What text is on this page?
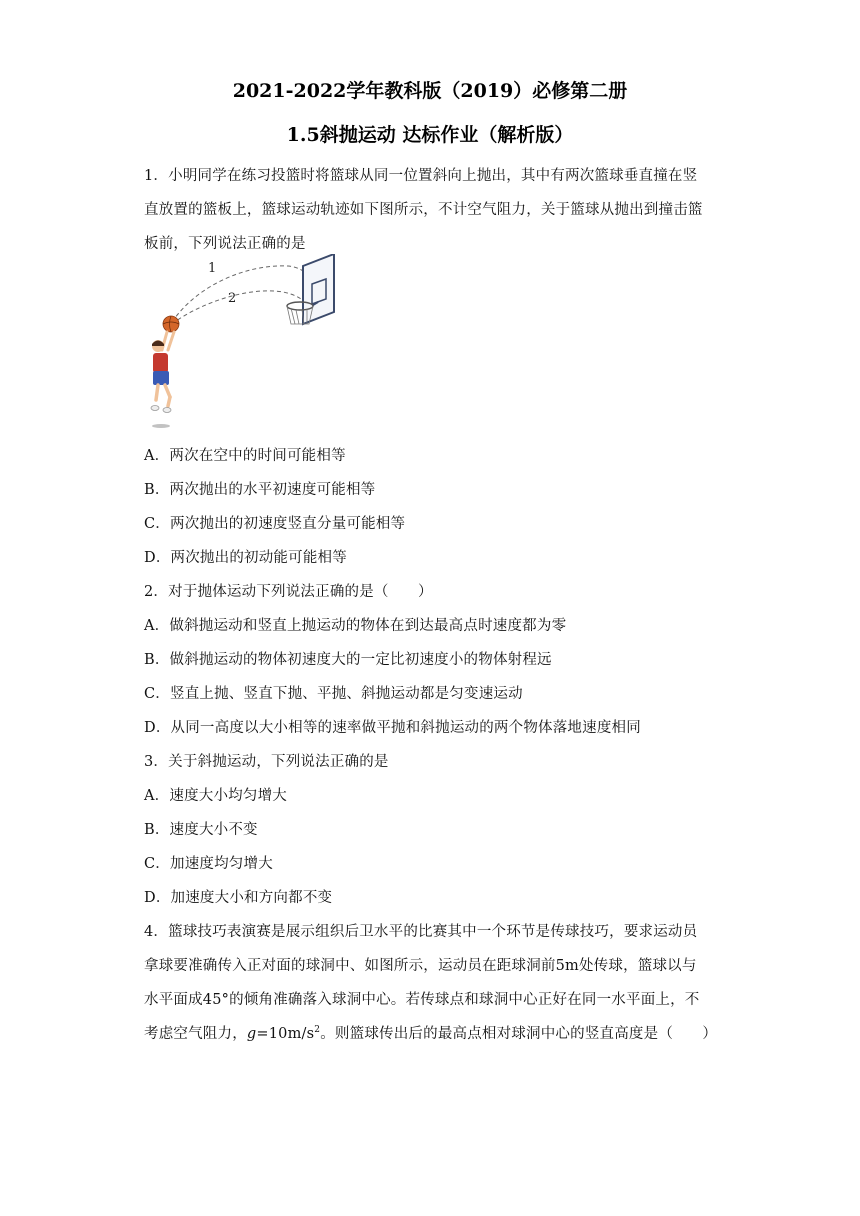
2021-2022学年教科版（2019）必修第二册
1.5斜抛运动 达标作业（解析版）
1．小明同学在练习投篮时将篮球从同一位置斜向上抛出，其中有两次篮球垂直撞在竖
直放置的篮板上，篮球运动轨迹如下图所示，不计空气阻力，关于篮球从抛出到撞击篮
板前，下列说法正确的是
1
2
A．两次在空中的时间可能相等
B．两次抛出的水平初速度可能相等
C．两次抛出的初速度竖直分量可能相等
D．两次抛出的初动能可能相等
2．对于抛体运动下列说法正确的是（　　）
A．做斜抛运动和竖直上抛运动的物体在到达最高点时速度都为零
B．做斜抛运动的物体初速度大的一定比初速度小的物体射程远
C．竖直上抛、竖直下抛、平抛、斜抛运动都是匀变速运动
D．从同一高度以大小相等的速率做平抛和斜抛运动的两个物体落地速度相同
3．关于斜抛运动，下列说法正确的是
A．速度大小均匀增大
B．速度大小不变
C．加速度均匀增大
D．加速度大小和方向都不变
4．篮球技巧表演赛是展示组织后卫水平的比赛其中一个环节是传球技巧，要求运动员
拿球要准确传入正对面的球洞中、如图所示，运动员在距球洞前5m处传球，篮球以与
水平面成45°的倾角准确落入球洞中心。若传球点和球洞中心正好在同一水平面上，不
考虑空气阻力，$g=10m/s^2$。则篮球传出后的最高点相对球洞中心的竖直高度是（　　）
